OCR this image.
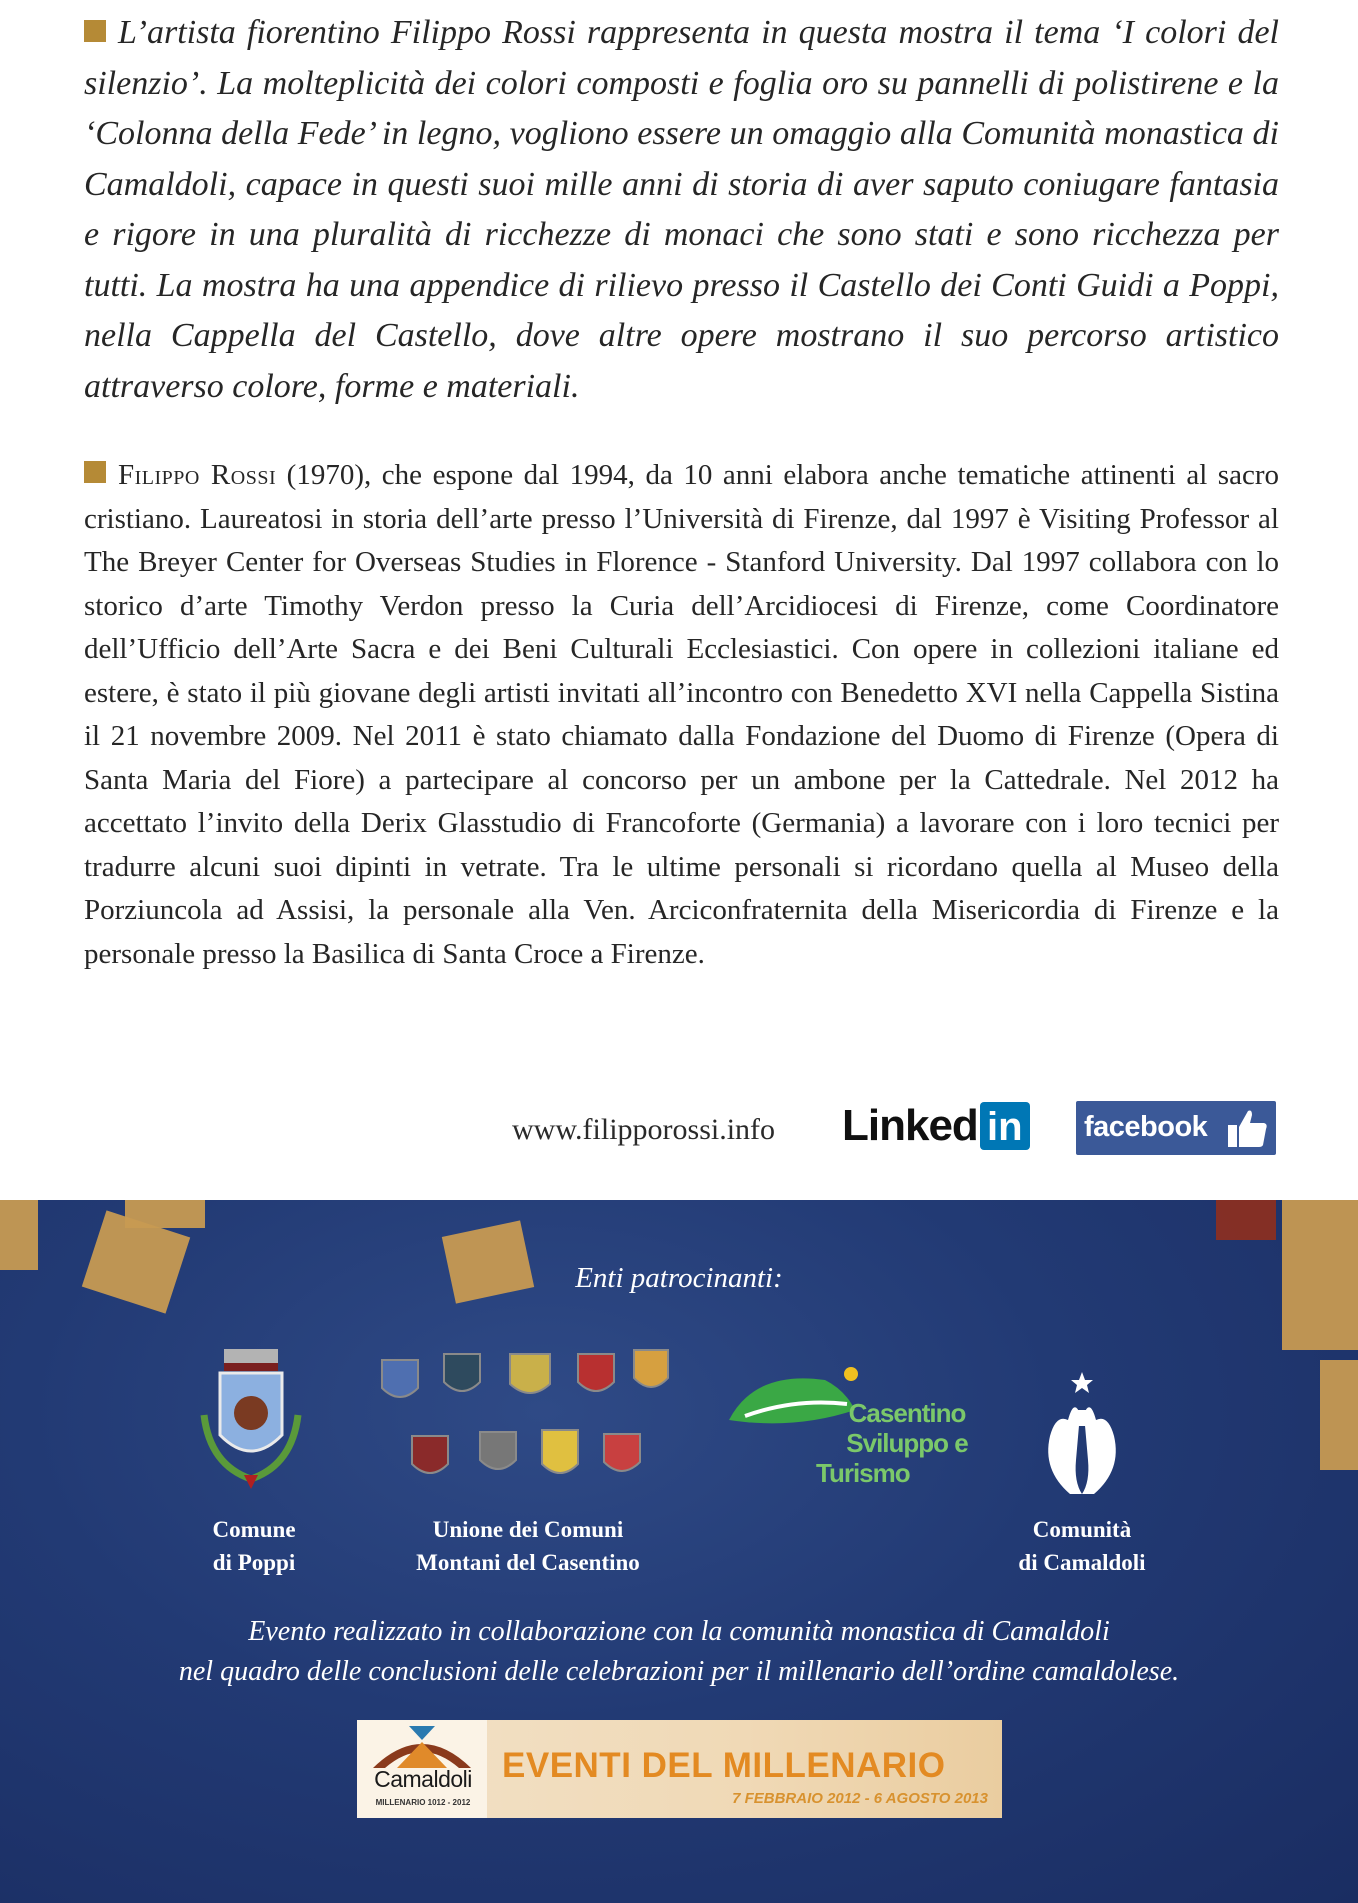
L’artista fiorentino Filippo Rossi rappresenta in questa mostra il tema ‘I colori del silenzio’. La molteplicità dei colori composti e foglia oro su pannelli di polistirene e la ‘Colonna della Fede’ in legno, vogliono essere un omaggio alla Comunità monastica di Camaldoli, capace in questi suoi mille anni di storia di aver saputo coniugare fantasia e rigore in una pluralità di ricchezze di monaci che sono stati e sono ricchezza per tutti. La mostra ha una appendice di rilievo presso il Castello dei Conti Guidi a Poppi, nella Cappella del Castello, dove altre opere mostrano il suo percorso artistico attraverso colore, forme e materiali.

Filippo Rossi (1970), che espone dal 1994, da 10 anni elabora anche tematiche attinenti al sacro cristiano. Laureatosi in storia dell’arte presso l’Università di Firenze, dal 1997 è Visiting Professor al The Breyer Center for Overseas Studies in Florence - Stanford University. Dal 1997 collabora con lo storico d’arte Timothy Verdon presso la Curia dell’Arcidiocesi di Firenze, come Coordinatore dell’Ufficio dell’Arte Sacra e dei Beni Culturali Ecclesiastici. Con opere in collezioni italiane ed estere, è stato il più giovane degli artisti invitati all’incontro con Benedetto XVI nella Cappella Sistina il 21 novembre 2009. Nel 2011 è stato chiamato dalla Fondazione del Duomo di Firenze (Opera di Santa Maria del Fiore) a partecipare al concorso per un ambone per la Cattedrale. Nel 2012 ha accettato l’invito della Derix Glasstudio di Francoforte (Germania) a lavorare con i loro tecnici per tradurre alcuni suoi dipinti in vetrate. Tra le ultime personali si ricordano quella al Museo della Porziuncola ad Assisi, la personale alla Ven. Arciconfraternita della Misericordia di Firenze e la personale presso la Basilica di Santa Croce a Firenze.

www.filipporossi.info Linked in facebook
Enti patrocinanti:
Comune
di Poppi
Unione dei Comuni
Montani del Casentino
Casentino
Sviluppo e
Turismo
Comunità
di Camaldoli
Evento realizzato in collaborazione con la comunità monastica di Camaldoli
nel quadro delle conclusioni delle celebrazioni per il millenario dell’ordine camaldolese.
Camaldoli
MILLENARIO 1012 - 2012
EVENTI DEL MILLENARIO
7 FEBBRAIO 2012 - 6 AGOSTO 2013
